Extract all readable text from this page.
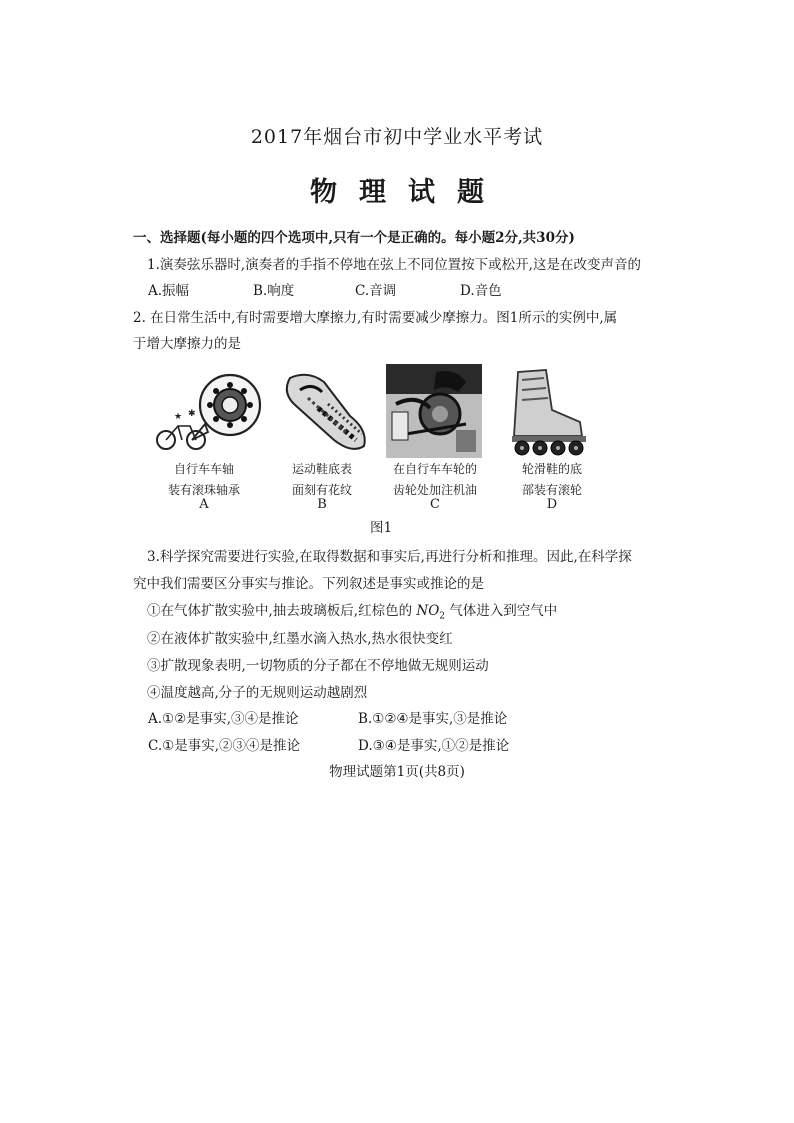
2017年烟台市初中学业水平考试
物理试题
一、选择题(每小题的四个选项中,只有一个是正确的。每小题2分,共30分)
1.演奏弦乐器时,演奏者的手指不停地在弦上不同位置按下或松开,这是在改变声音的
A.振幅	B.响度	C.音调	D.音色
2. 在日常生活中,有时需要增大摩擦力,有时需要减少摩擦力。图1所示的实例中,属
于增大摩擦力的是
★ ✱
自行车车轴
装有滚珠轴承
运动鞋底表
面刻有花纹
在自行车车轮的
齿轮处加注机油
轮滑鞋的底
部装有滚轮
A	B	C	D
图1
3.科学探究需要进行实验,在取得数据和事实后,再进行分析和推理。因此,在科学探
究中我们需要区分事实与推论。下列叙述是事实或推论的是
①在气体扩散实验中,抽去玻璃板后,红棕色的 $NO_2$ 气体进入到空气中
②在液体扩散实验中,红墨水滴入热水,热水很快变红
③扩散现象表明,一切物质的分子都在不停地做无规则运动
④温度越高,分子的无规则运动越剧烈
A.①②是事实,③④是推论	B.①②④是事实,③是推论
C.①是事实,②③④是推论	D.③④是事实,①②是推论
物理试题第1页(共8页)
